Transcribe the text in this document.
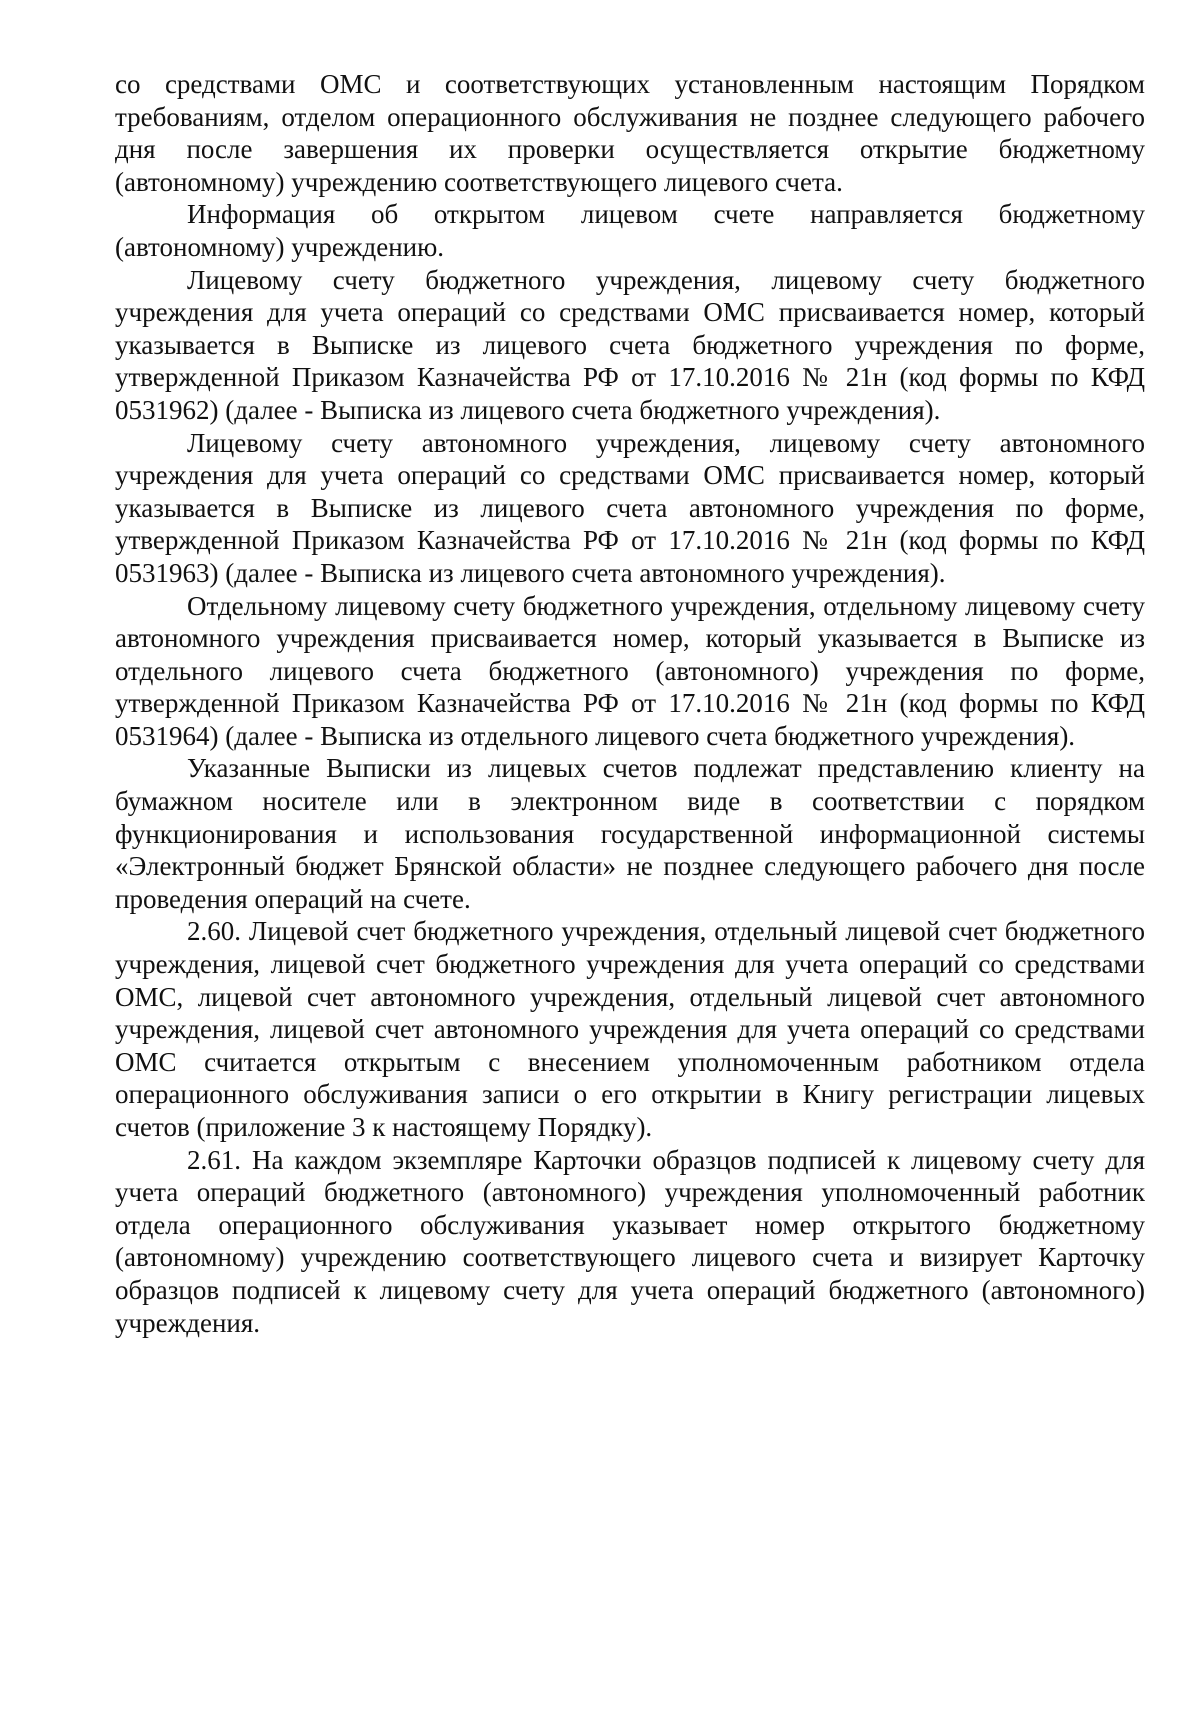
со средствами ОМС и соответствующих установленным настоящим Порядком требованиям, отделом операционного обслуживания не позднее следующего рабочего дня после завершения их проверки осуществляется открытие бюджетному (автономному) учреждению соответствующего лицевого счета.

Информация об открытом лицевом счете направляется бюджетному (автономному) учреждению.

Лицевому счету бюджетного учреждения, лицевому счету бюджетного учреждения для учета операций со средствами ОМС присваивается номер, который указывается в Выписке из лицевого счета бюджетного учреждения по форме, утвержденной Приказом Казначейства РФ от 17.10.2016 № 21н (код формы по КФД 0531962) (далее - Выписка из лицевого счета бюджетного учреждения).

Лицевому счету автономного учреждения, лицевому счету автономного учреждения для учета операций со средствами ОМС присваивается номер, который указывается в Выписке из лицевого счета автономного учреждения по форме, утвержденной Приказом Казначейства РФ от 17.10.2016 № 21н (код формы по КФД 0531963) (далее - Выписка из лицевого счета автономного учреждения).

Отдельному лицевому счету бюджетного учреждения, отдельному лицевому счету автономного учреждения присваивается номер, который указывается в Выписке из отдельного лицевого счета бюджетного (автономного) учреждения по форме, утвержденной Приказом Казначейства РФ от 17.10.2016 № 21н (код формы по КФД 0531964) (далее - Выписка из отдельного лицевого счета бюджетного учреждения).

Указанные Выписки из лицевых счетов подлежат представлению клиенту на бумажном носителе или в электронном виде в соответствии с порядком функционирования и использования государственной информационной системы «Электронный бюджет Брянской области» не позднее следующего рабочего дня после проведения операций на счете.

2.60. Лицевой счет бюджетного учреждения, отдельный лицевой счет бюджетного учреждения, лицевой счет бюджетного учреждения для учета операций со средствами ОМС, лицевой счет автономного учреждения, отдельный лицевой счет автономного учреждения, лицевой счет автономного учреждения для учета операций со средствами ОМС считается открытым с внесением уполномоченным работником отдела операционного обслуживания записи о его открытии в Книгу регистрации лицевых счетов (приложение 3 к настоящему Порядку).

2.61. На каждом экземпляре Карточки образцов подписей к лицевому счету для учета операций бюджетного (автономного) учреждения уполномоченный работник отдела операционного обслуживания указывает номер открытого бюджетному (автономному) учреждению соответствующего лицевого счета и визирует Карточку образцов подписей к лицевому счету для учета операций бюджетного (автономного) учреждения.
